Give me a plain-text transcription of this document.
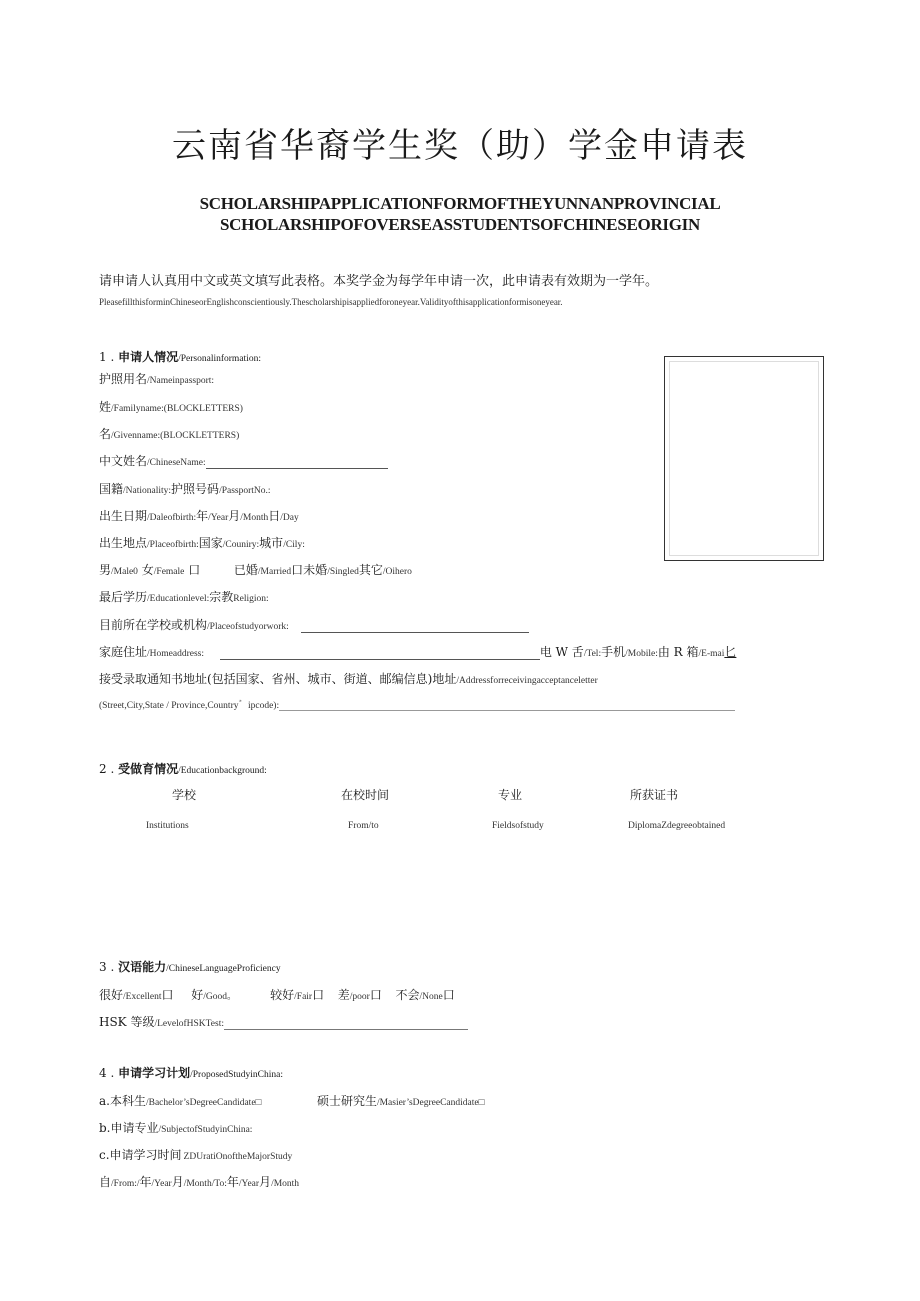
云南省华裔学生奖（助）学金申请表
SCHOLARSHIPAPPLICATIONFORMOFTHEYUNNANPROVINCIAL
SCHOLARSHIPOFOVERSEASSTUDENTSOFCHINESEORIGIN
请申请人认真用中文或英文填写此表格。本奖学金为每学年申请一次，此申请表有效期为一学年。
PleasefillthisforminChineseorEnglishconscientiously.Thescholarshipisappliedforoneyear.Validityofthisapplicationformisoneyear.
1 . 申请人情况/Personalinformation:
护照用名/Nameinpassport:
姓/Familyname:(BLOCKLETTERS)
名/Givenname:(BLOCKLETTERS)
中文姓名/ChineseName:
国籍/Nationality:护照号码/PassportNo.:
出生日期/Daleofbirth:年/Year月/Month日/Day
出生地点/Placeofbirth:国家/Couniry:城市/Cily:
男/Male0 女/Female 口	已婚/Married口未婚/Singled其它/Oihero
最后学历/Educationlevel:宗教Religion:
目前所在学校或机构/Placeofstudyorwork:
家庭住址/Homeaddress:	电 W 舌/Tel:手机/Mobile:由 R 箱/E-mai匕
接受录取通知书地址(包括国家、省州、城市、街道、邮编信息)地址/Addressforreceivingacceptanceletter
(Street,City,State / Province,Country゛ipcode):
2 . 受做育情况/Educationbackground:
学校	在校时间	专业	所获证书
Institutions	From/to	Fieldsofstudy	DiplomaZdegreeobtained
3 . 汉语能力/ChineseLanguageProficiency
很好/Excellent口 好/Good。	较好/Fair口 差/poor口 不会/None口
HSK 等级/LevelofHSKTest:
4 . 申请学习计划/ProposedStudyinChina:
a.本科生/Bachelor’sDegreeCandidate□	硕士研究生/Masier’sDegreeCandidate□
b.申请专业/SubjectofStudyinChina:
c.申请学习时间 ZDUratiOnoftheMajorStudy
自/From:/年/Year月/Month/To:年/Year月/Month
